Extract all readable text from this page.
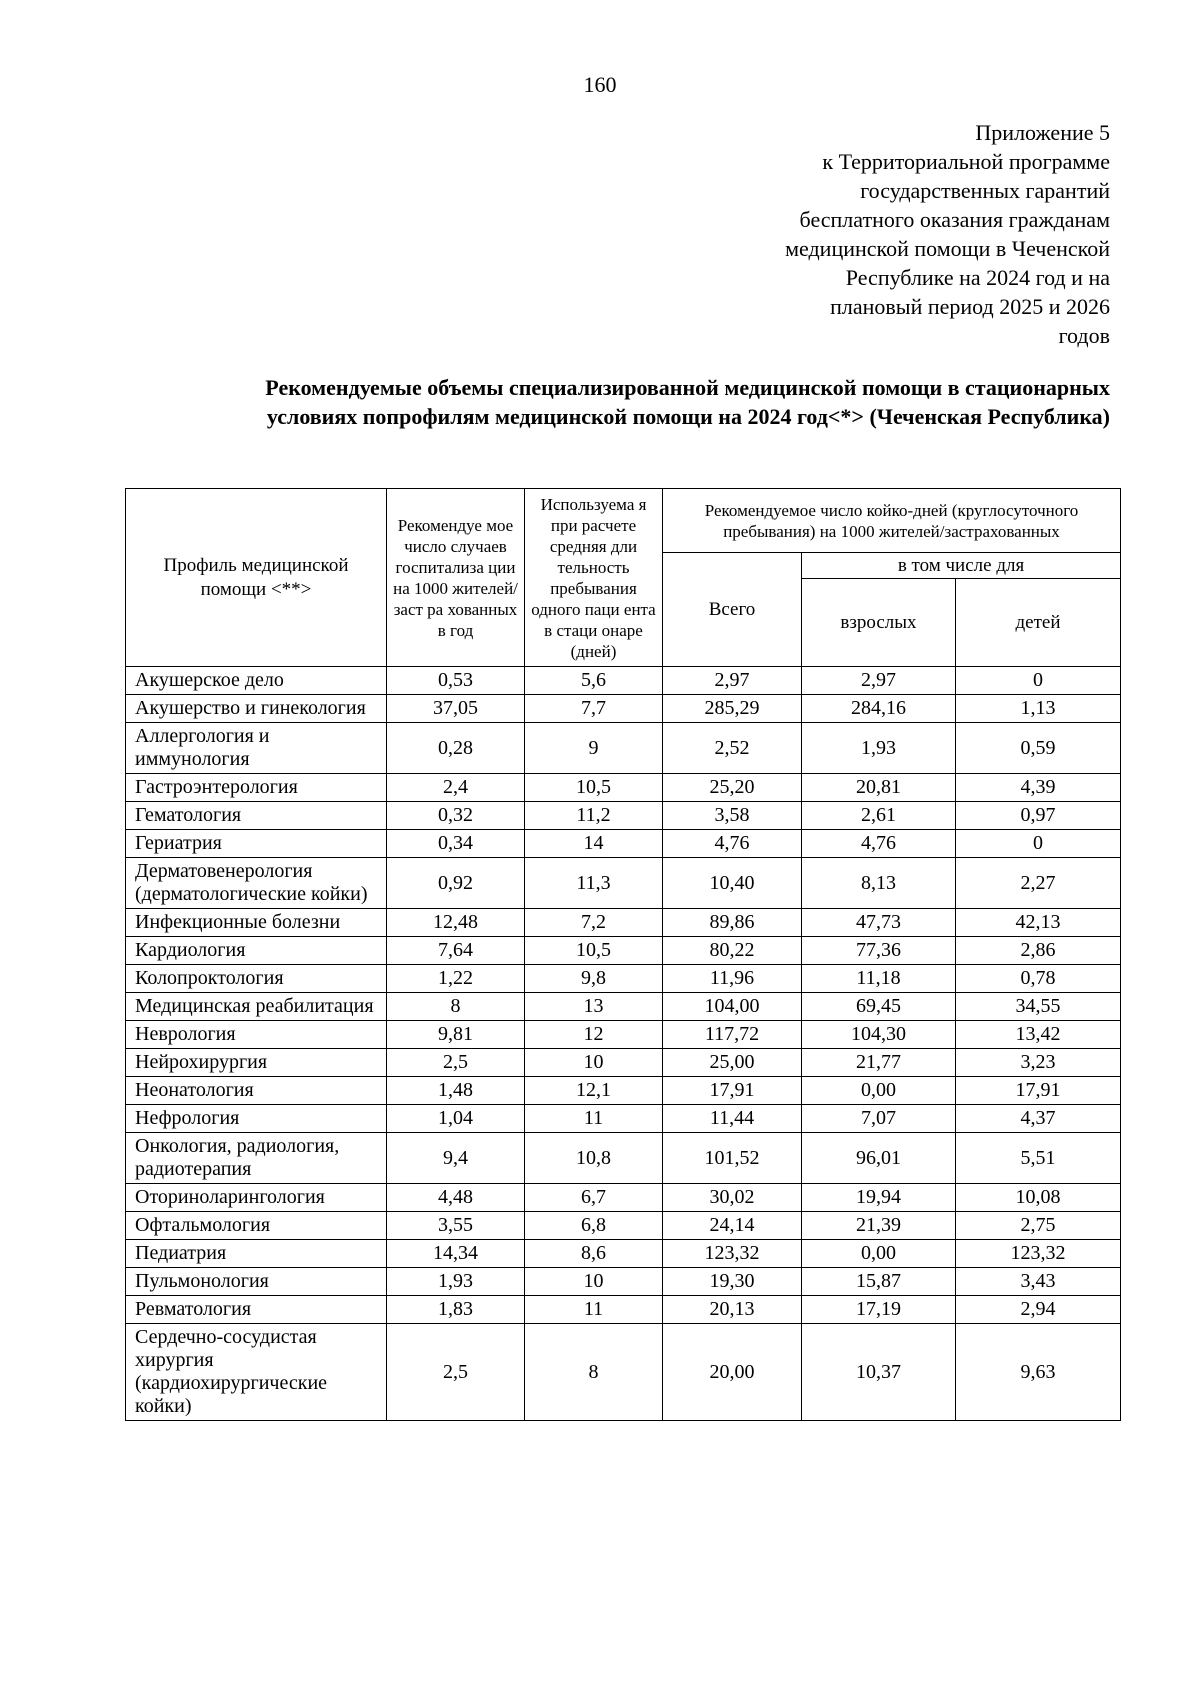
160
Приложение 5
к Территориальной программе
государственных гарантий
бесплатного оказания гражданам
медицинской помощи в Чеченской
Республике на 2024 год и на
плановый период 2025 и 2026
годов
Рекомендуемые объемы специализированной медицинской помощи в стационарных
условиях попрофилям медицинской помощи на 2024 год<*> (Чеченская Республика)
Профиль медицинской помощи <**>	Рекомендуе мое число случаев госпитализа ции на 1000 жителей/заст ра хованных в год	Используема я при расчете средняя дли тельность пребывания одного паци ента в стаци онаре (дней)	Рекомендуемое число койко-дней (круглосуточного пребывания) на 1000 жителей/застрахованных		
			Всего	в том числе для	
				взрослых	детей
Акушерское дело	0,53	5,6	2,97	2,97	0
Акушерство и гинекология	37,05	7,7	285,29	284,16	1,13
Аллергология и иммунология	0,28	9	2,52	1,93	0,59
Гастроэнтерология	2,4	10,5	25,20	20,81	4,39
Гематология	0,32	11,2	3,58	2,61	0,97
Гериатрия	0,34	14	4,76	4,76	0
Дерматовенерология (дерматологические койки)	0,92	11,3	10,40	8,13	2,27
Инфекционные болезни	12,48	7,2	89,86	47,73	42,13
Кардиология	7,64	10,5	80,22	77,36	2,86
Колопроктология	1,22	9,8	11,96	11,18	0,78
Медицинская реабилитация	8	13	104,00	69,45	34,55
Неврология	9,81	12	117,72	104,30	13,42
Нейрохирургия	2,5	10	25,00	21,77	3,23
Неонатология	1,48	12,1	17,91	0,00	17,91
Нефрология	1,04	11	11,44	7,07	4,37
Онкология, радиология, радиотерапия	9,4	10,8	101,52	96,01	5,51
Оториноларингология	4,48	6,7	30,02	19,94	10,08
Офтальмология	3,55	6,8	24,14	21,39	2,75
Педиатрия	14,34	8,6	123,32	0,00	123,32
Пульмонология	1,93	10	19,30	15,87	3,43
Ревматология	1,83	11	20,13	17,19	2,94
Сердечно-сосудистая хирургия (кардиохирургические койки)	2,5	8	20,00	10,37	9,63
